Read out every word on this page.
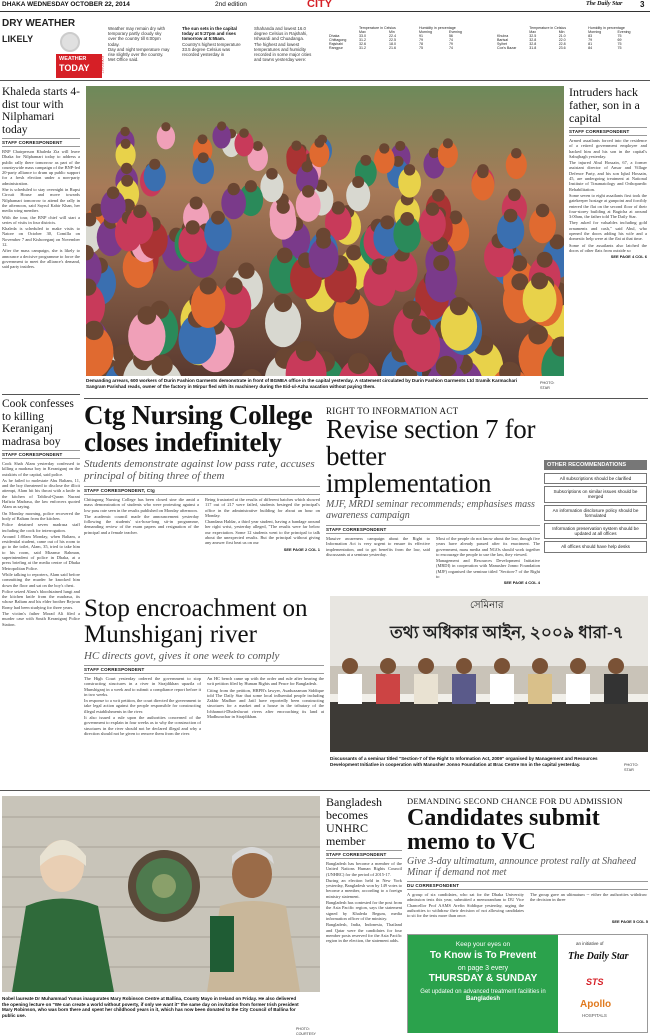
DHAKA WEDNESDAY OCTOBER 22, 2014	2nd edition	CITY	The Daily Star 3
DRY WEATHER
LIKELY
WEATHER
TODAY	FORECAST
Weather may remain dry with temporary partly cloudy sky over the country till 6:00pm today.
Day and night temperature may rise slightly over the country. Met Office said.
The sun sets in the capital today at 5:27pm and rises tomorrow at 5:55am.
Country's highest temperature 33.5 degree Celsius was recorded yesterday in
Shahanda and lowest 16.0 degree Celsius in Rajshahi, Ishwardi and Chuadanga.
The highest and lowest temperatures and humidity recorded in some major cities and towns yesterday were:
	Temperature in Celsius		Humidity in percentage	
	Max	Min	Morning	Evening
Dhaka	33.0	22.4	91	56
Chittagong	31.2	22.5	79	74
Rajshahi	32.6	18.0	78	79
Rangpur	31.2	21.6	75	74
	Temperature in Celsius		Humidity in percentage	
	Max	Min	Morning	Evening
Khulna	32.5	21.0	83	75
Barisal	32.8	22.0	79	69
Sylhet	32.8	22.8	81	75
Cox's Bazar	31.8	23.6	84	75
Khaleda starts 4-dist tour with Nilphamari today
STAFF CORRESPONDENT

BNP Chairperson Khaleda Zia will leave Dhaka for Nilphamari today to address a public rally there tomorrow as part of the countrywide mass campaign of the BNP-led 20-party alliance to drum up public support for a fresh election under a non-party administration.

She is scheduled to stay overnight in Rupsi Circuit House and move towards Nilphamari tomorrow to attend the rally in the afternoon, said Sayrul Kabir Khan, her media wing member.

With the tour, the BNP chief will start a series of visits in four districts.

Khaleda is scheduled to make visits to Natore on October 30, Comilla on November 7 and Kishoreganj on November 12.

After the mass campaign, she is likely to announce a decisive programme to force the government to meet the alliance's demand, said party insiders.

Cook confesses to killing Keraniganj madrasa boy
STAFF CORRESPONDENT

Cook Shah Alam yesterday confessed to killing a madrasa boy in Keraniganj on the outskirts of the capital, said police.

As he failed to molestate Abu Baltam, 11, and the boy threatened to disclose the illicit attempt, Alam hit his throat with a knife in the kitchen of Tablirul-Quran Nurani Hafizia Madrasa, the law enforcers quoted Alam as saying.

On Monday morning, police recovered the body of Baltam from the kitchen.

Police detained seven madrasa staff including the cook for interrogation.

Around 1:00am Monday, when Baltam, a residential student, came out of his room to go to the toilet, Alam, 35, tried to take him to his room, said Mizanur Rahman, superintendent of police in Dhaka, at a press briefing at the media centre of Dhaka Metropolitan Police.

While talking to reporters, Alam said before committing the murder he knocked him down the floor and sat on the boy's chest.

Police seized Alam's bloodstained lungi and the kitchen knife from the madrasa, its whose Baltam and his elder brother Rejwan Romy had been studying for three years.

The victim's father Morad Ali filed a murder case with South Keraniganj Police Station.

Demanding arrears, 600 workers of Durin Fashion Garments demonstrate in front of BGMEA office in the capital yesterday. A statement circulated by Durin Fashion Garments Ltd Sramik Karmachari Sangram Parishad reads, owner of the factory in Mirpur fled with its machinery during the Eid-ul-Azha vacation without paying them.
PHOTO: STAR
Intruders hack father, son in a capital
STAFF CORRESPONDENT

Armed assailants forced into the residence of a retired government employee and hacked him and his son in the capital's Sabujbagh yesterday.

The injured Abul Hossain, 67, a former assistant director of Ansar and Village Defence Party, and his son Iqbal Hossain, 45, are undergoing treatment at National Institute of Traumatology and Orthopaedic Rehabilitation.

Some seven to eight assailants first took the gatekeeper hostage at gunpoint and forcibly entered the flat on the second floor of their four-storey building at Bagicha at around 3:00am, the father told The Daily Star.

They asked for valuables including gold ornaments and cash," said Abul, who opened the doors adding his wife and a domestic help were at the flat at that time.

Some of the assailants also latched the doors of other flats from outside so

SEE PAGE 4 COL 6
Ctg Nursing College closes indefinitely
Students demonstrate against low pass rate, accuses principal of biting three of them
STAFF CORRESPONDENT, Ctg

Chittagong Nursing College has been closed sine die amid a mass demonstration of students who were protesting against a low pass rate seen in the results published on Monday afternoon.

The academic council made the announcement yesterday following the students' six-hour-long sit-in programme, demanding review of the exam papers and resignation of the principal and a female teacher.

Being frustrated at the results of different batches which showed 117 out of 217 were failed, students besieged the principal's office in the administrative building for about an hour on Monday.

Chandana Haldar, a third year student, having a bandage around her right wrist, yesterday alleged, "The results were far below our expectation. Some 12 students went to the principal to talk about the unexpected results. But the principal without giving any answer first beat us on our

SEE PAGE 2 COL 1
RIGHT TO INFORMATION ACT
Revise section 7 for better implementation
MJF, MRDI seminar recommends; emphasises mass awareness campaign
STAFF CORRESPONDENT

Massive awareness campaign about the Right to Information Act is very urgent to ensure its effective implementation, and to get benefits from the law, said discussants at a seminar yesterday.

Most of the people do not know about the law, though five years have already passed after its enactment. The government, mass media and NGOs should work together to encourage the people to use the law, they viewed.

Management and Resources Development Initiative (MRDI) in cooperation with Manusher Jonno Foundation (MJF) organised the seminar titled "Section-7 of the Right to

SEE PAGE 4 COL 4
OTHER RECOMMENDATIONS
All subscriptions should be clarified
Subscriptions on similar issues should be merged
An information disclosure policy should be formulated
Information preservation system should be updated at all offices
All offices should have help desks
সেমিনার
তথ্য অধিকার আইন, ২০০৯ ধারা-৭
Discussants of a seminar titled "Section-7 of the Right to Information Act, 2009" organised by Management and Resources Development Initiative in cooperation with Manusher Jonno Foundation at Brac Centre Inn in the capital yesterday.	PHOTO: STAR
Stop encroachment on Munshiganj river
HC directs govt, gives it one week to comply
STAFF CORRESPONDENT

The High Court yesterday ordered the government to stop constructing structures in a river in Sirajdikhan upazila of Munshiganj in a week and to submit a compliance report before it in two weeks.

In response to a writ petition, the court directed the government to take legal action against the people responsible for constructing illegal establishments in the river.

It also issued a rule upon the authorities concerned of the government to explain in four weeks as to why the construction of structures in the river should not be declared illegal and why a direction should not be given to remove them from the river.

An HC bench came up with the order and rule after hearing the writ petition filed by Human Rights and Peace for Bangladesh.

Citing from the petition, HRPB's lawyer, Asaduzzaman Siddique told The Daily Star that some local influential people including Zakhir Madhav and Jatil have reportedly been constructing structures for a market and a house in the tributary of the Ichhamoti-Dhaleshwari rivers after encroaching its land at Madhurachar in Sirajdikhan.

Nobel laureate Dr Muhammad Yunus inaugurates Mary Robinson Centre at Ballina, County Mayo in Ireland on Friday. He also delivered the opening lecture on "We can create a world without poverty, if only we want it" the same day on invitation from former Irish president Mary Robinson, who was born there and spent her childhood years in it, which has now been donated to the City Council of Ballina for public use.
PHOTO: COURTESY
Bangladesh becomes UNHRC member
STAFF CORRESPONDENT

Bangladesh has become a member of the United Nations Human Rights Council (UNHRC) for the period of 2015-17.

During an election held in New York yesterday, Bangladesh won by 149 votes to become a member, according to a foreign ministry statement.

Bangladesh has contested for the post from the Asia Pacific region, says the statement signed by Khaleda Begum, media information officer of the ministry.

Bangladesh, India, Indonesia, Thailand and Qatar were the candidates for four member posts reserved for the Asia Pacific region in the election, the statement adds.

DEMANDING SECOND CHANCE FOR DU ADMISSION
Candidates submit memo to VC
Give 3-day ultimatum, announce protest rally at Shaheed Minar if demand not met
DU CORRESPONDENT

A group of six candidates, who sat for the Dhaka University admission tests this year, submitted a memorandum to DU Vice Chancellor Prof AAMS Arefin Siddique yesterday, urging the authorities to withdraw their decision of not allowing candidates to sit for the tests more than once.

The group gave an ultimatum -- either the authorities withdraw the decision in three

SEE PAGE 5 COL 5
Keep your eyes on
To Know is To Prevent
on page 3 every
THURSDAY & SUNDAY
Get updated on advanced treatment facilities in Bangladesh
an initiative of
The Daily Star
STS
Apollo
HOSPITALS
